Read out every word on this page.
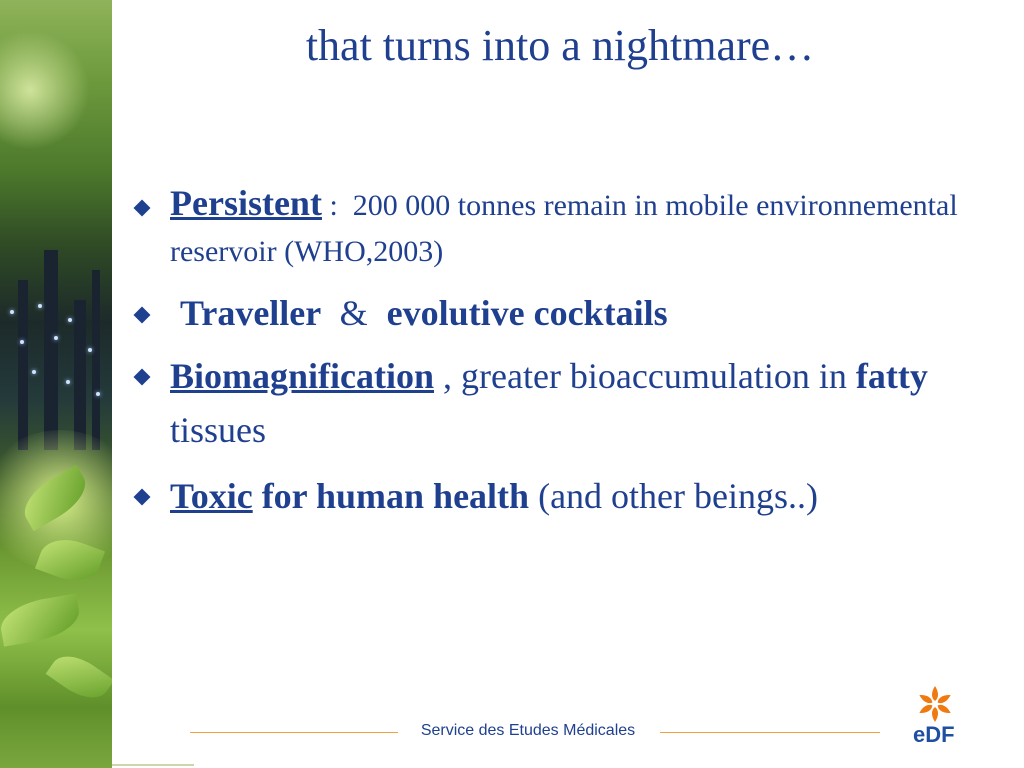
that turns into a nightmare…
Persistent :  200 000 tonnes remain in mobile environnemental reservoir (WHO,2003)
Traveller & evolutive cocktails
Biomagnification , greater bioaccumulation in fatty tissues
Toxic for human health (and other beings..)
Service des Etudes Médicales	eDF
